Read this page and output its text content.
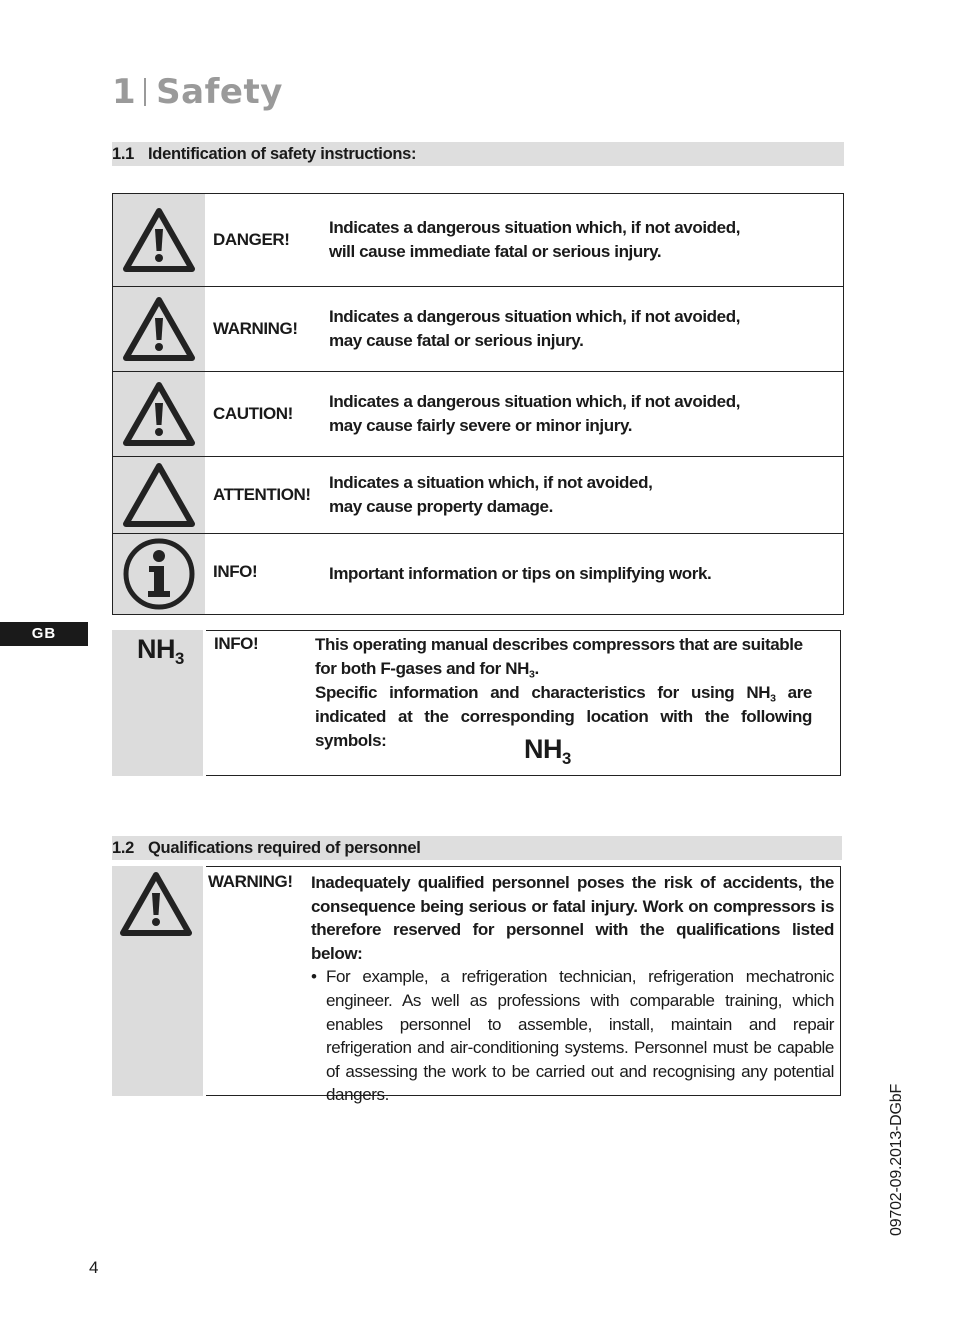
1 Safety
1.1 Identification of safety instructions:
	DANGER!	Indicates a dangerous situation which, if not avoided,
will cause immediate fatal or serious injury.

	WARNING!	Indicates a dangerous situation which, if not avoided,
may cause fatal or serious injury.

	CAUTION!	Indicates a dangerous situation which, if not avoided,
may cause fairly severe or minor injury.

	ATTENTION!	Indicates a situation which, if not avoided,
may cause property damage.

	INFO!	Important information or tips on simplifying work.
GB
$NH_3$
INFO!	This operating manual describes compressors that are suitable
for both F-gases and for $NH_3$.
Specific information and characteristics for using $NH_3$ are indicated at the corresponding location with the following symbols:	$NH_3$
1.2 Qualifications required of personnel
WARNING! Inadequately qualified personnel poses the risk of accidents, the consequence being serious or fatal injury. Work on compressors is therefore reserved for personnel with the qualifications listed below:
• For example, a refrigeration technician, refrigeration mechatronic engineer. As well as professions with comparable training, which enables personnel to assemble, install, maintain and repair refrigeration and air-conditioning systems. Personnel must be capable of assessing the work to be carried out and recognising any potential dangers.	09702-09.2013-DGbF
4
